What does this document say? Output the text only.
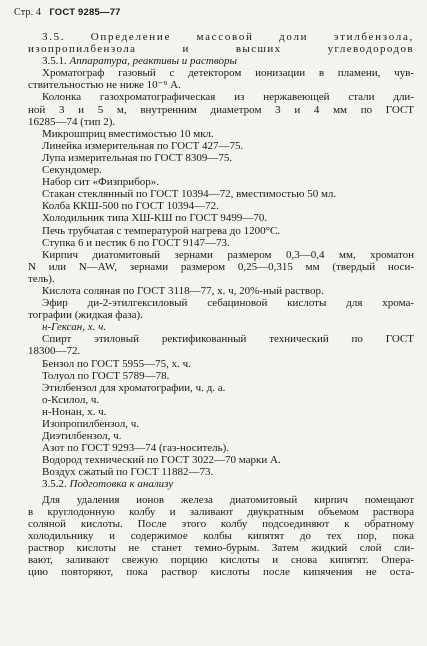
Стр. 4 ГОСТ 9285—77
3.5. Определение массовой доли этилбензола,
изопропилбензола и высших углеводородов
3.5.1. Аппаратура, реактивы и растворы
Хроматограф газовый с детектором ионизации в пламени, чув-
ствительностью не ниже 10⁻⁹ А.
Колонка газохроматографическая из нержавеющей стали дли-
ной 3 и 5 м, внутренним диаметром 3 и 4 мм по ГОСТ
16285—74 (тип 2).
Микрошприц вместимостью 10 мкл.
Линейка измерительная по ГОСТ 427—75.
Лупа измерительная по ГОСТ 8309—75.
Секундомер.
Набор сит «Физприбор».
Стакан стеклянный по ГОСТ 10394—72, вместимостью 50 мл.
Колба КК⁠Ш-500 по ГОСТ 10394—72.
Холодильник типа ХШ-КШ по ГОСТ 9499—70.
Печь трубчатая с температурой нагрева до 1200°С.
Ступка 6 и пестик 6 по ГОСТ 9147—73.
Кирпич диатомитовый зернами размером 0,3—0,4 мм, хроматон
N или N—AW, зернами размером 0,25—0,315 мм (твердый носи-
тель).
Кислота соляная по ГОСТ 3118—77, х. ч, 20%-ный раствор.
Эфир ди-2-этилгексиловый себациновой кислоты для хрома-
тографии (жидкая фаза).
н-Гексан, х. ч.
Спирт этиловый ректификованный технический по ГОСТ
18300—72.
Бензол по ГОСТ 5955—75, х. ч.
Толуол по ГОСТ 5789—78.
Этилбензол для хроматографии, ч. д. а.
о-Ксилол, ч.
н-Нонан, х. ч.
Изопропилбензол, ч.
Диэтилбензол, ч.
Азот по ГОСТ 9293—74 (газ-носитель).
Водород технический по ГОСТ 3022—70 марки А.
Воздух сжатый по ГОСТ 11882—73.
3.5.2. Подготовка к анализу
Для удаления ионов железа диатомитовый кирпич помещают
в круглодонную колбу и заливают двукратным объемом раствора
соляной кислоты. После этого колбу подсоединяют к обратному
холодильнику и содержимое колбы кипятят до тех пор, пока
раствор кислоты не станет темно-бурым. Затем жидкий слой сли-
вают, заливают свежую порцию кислоты и снова кипятят. Опера-
цию повторяют, пока раствор кислоты после кипячения не оста-
